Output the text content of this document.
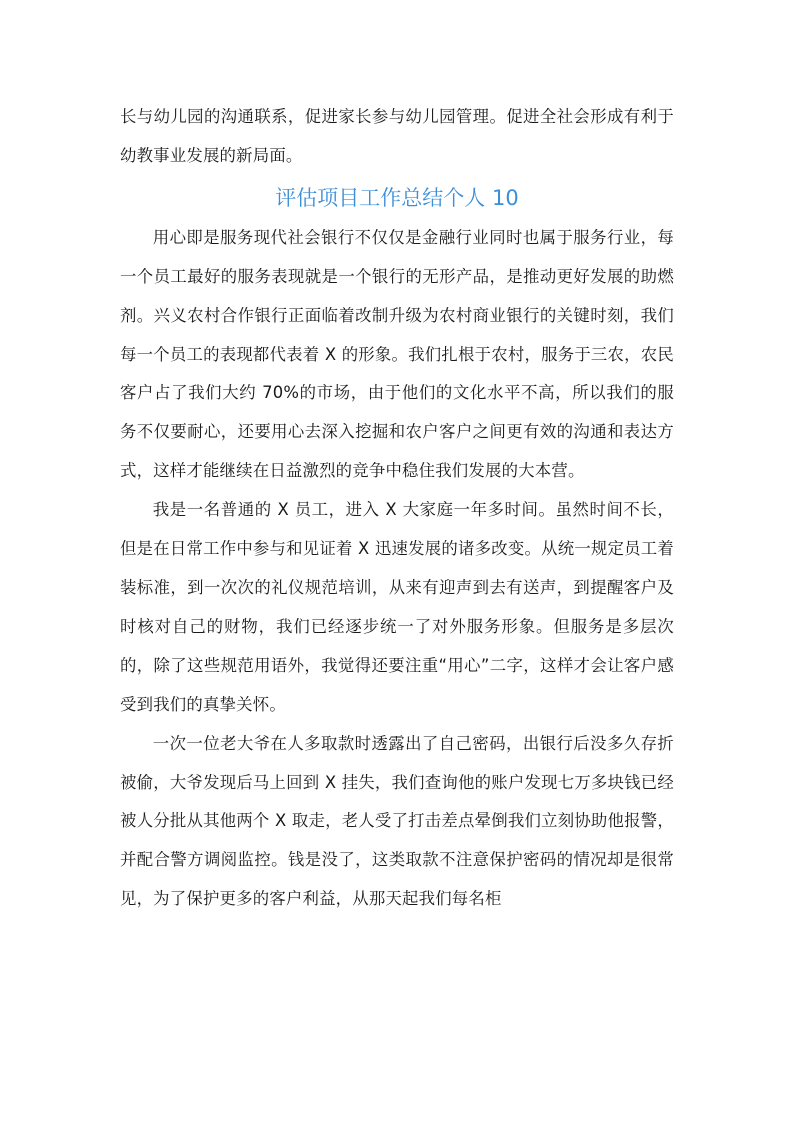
长与幼儿园的沟通联系，促进家长参与幼儿园管理。促进全社会形成有利于幼教事业发展的新局面。

评估项目工作总结个人 10

用心即是服务现代社会银行不仅仅是金融行业同时也属于服务行业，每一个员工最好的服务表现就是一个银行的无形产品，是推动更好发展的助燃剂。兴义农村合作银行正面临着改制升级为农村商业银行的关键时刻，我们每一个员工的表现都代表着 X 的形象。我们扎根于农村，服务于三农，农民客户占了我们大约 70%的市场，由于他们的文化水平不高，所以我们的服务不仅要耐心，还要用心去深入挖掘和农户客户之间更有效的沟通和表达方式，这样才能继续在日益激烈的竞争中稳住我们发展的大本营。

我是一名普通的 X 员工，进入 X 大家庭一年多时间。虽然时间不长，但是在日常工作中参与和见证着 X 迅速发展的诸多改变。从统一规定员工着装标准，到一次次的礼仪规范培训，从来有迎声到去有送声，到提醒客户及时核对自己的财物，我们已经逐步统一了对外服务形象。但服务是多层次的，除了这些规范用语外，我觉得还要注重“用心”二字，这样才会让客户感受到我们的真挚关怀。

一次一位老大爷在人多取款时透露出了自己密码，出银行后没多久存折被偷，大爷发现后马上回到 X 挂失，我们查询他的账户发现七万多块钱已经被人分批从其他两个 X 取走，老人受了打击差点晕倒我们立刻协助他报警，并配合警方调阅监控。钱是没了，这类取款不注意保护密码的情况却是很常见，为了保护更多的客户利益，从那天起我们每名柜
